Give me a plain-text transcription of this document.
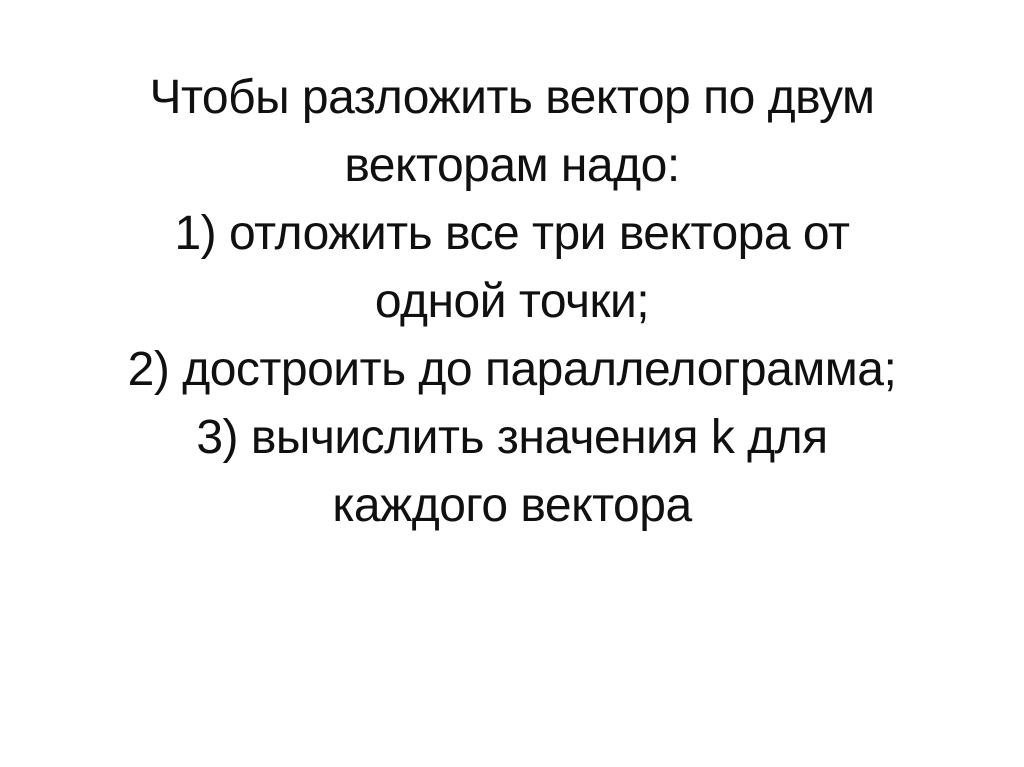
Чтобы разложить вектор по двум

векторам надо:

1) отложить все три вектора от

одной точки;

2) достроить до параллелограмма;

3) вычислить значения k для

каждого вектора
